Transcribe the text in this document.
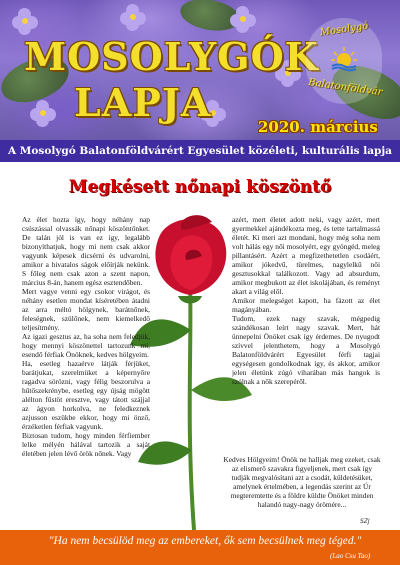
MOSOLYGÓK
LAPJA
Mosolygó
Balatonföldvár
2020. március
A Mosolygó Balatonföldvárért Egyesület közéleti, kulturális lapja
Megkésett nőnapi köszöntő

Az élet hozta így, hogy néhány nap csúszással olvassák nőnapi köszöntőnket. De talán jól is van ez így, legalább bizonyíthatjuk, hogy mi nem csak akkor vagyunk képesek dicsérni és udvarolni, amikor a hivatalos ságok előírják nekünk. S főleg nem csak azon a szent napon, március 8-án, hanem egész esztendőben.

Mert vagye venni egy csokor virágot, és néhány esetlen mondat kíséretében átadni az arra méltó hölgynek, barátnőnek, feleségnek, szülőnek, nem kiemelkedő teljesítmény.

Az igazi gesztus az, ha soha nem feledjük, hogy mennyi köszönettel tartozunk mi, esendő férfiak Önöknek, kedves hölgyeim.

Ha, esetleg hazaérve látják férjüket, barátjukat, szerelmüket a képernyőre ragadva sörözni, vagy félig beszorulva a hűtőszekrénybe, esetleg egy újság mögött alélton fűstöt eresztve, vagy tátott szájjal az ágyon horkolva, ne feledkeznek azjusson eszükbe ekkor, hogy mi önző, érzéketlen férfiak vagyunk.

Biztosan tudom, hogy minden férfiember lelke mélyén hálával tartozik a saját életében jelen lévő örök nőnek. Vagy

azért, mert életet adott neki, vagy azért, mert gyermekkel ajándékozta meg, és tette tartalmassá életét. Ki meri azt mondani, hogy még soha nem volt hálás egy női mosolyért, egy gyöngéd, meleg pillantásért. Azért a megfizethetetlen csodáért, amikor jókedvű, türelmes, nagylelkű női gesztusokkal találkozott. Vagy ad absurdum, amikor megbukott az élet iskolájában, és reményt akart a világ elől.

Amikor melegséget kapott, ha fázott az élet magányában.

Tudom, ezek nagy szavak, mégpedig szándékosan leírt nagy szavak. Mert, hát ünnepelni Önöket csak így érdemes. De nyugodt szívvel jelenthetem, hogy a Mosolygó Balatonföldvárért Egyesület férfi tagjai egységesen gondolkodnak így, és akkor, amikor jelen életünk zúgó viharában más hangok is szólnak a nők szerepéről.

Kedves Hölgyeim! Önök ne halljak meg ezeket, csak az elismerő szavakra figyeljenek, mert csak így tudják megvalósítani azt a csodát, küldetésüket, amelynek értelmében, a legendás szerint az Úr megteremtette és a földre küldte Önöket minden halandó nagy-nagy örömére...
SZJ
"Ha nem becsülöd meg az embereket, ők sem becsülnek meg téged."
(Lao Csu Tao)
